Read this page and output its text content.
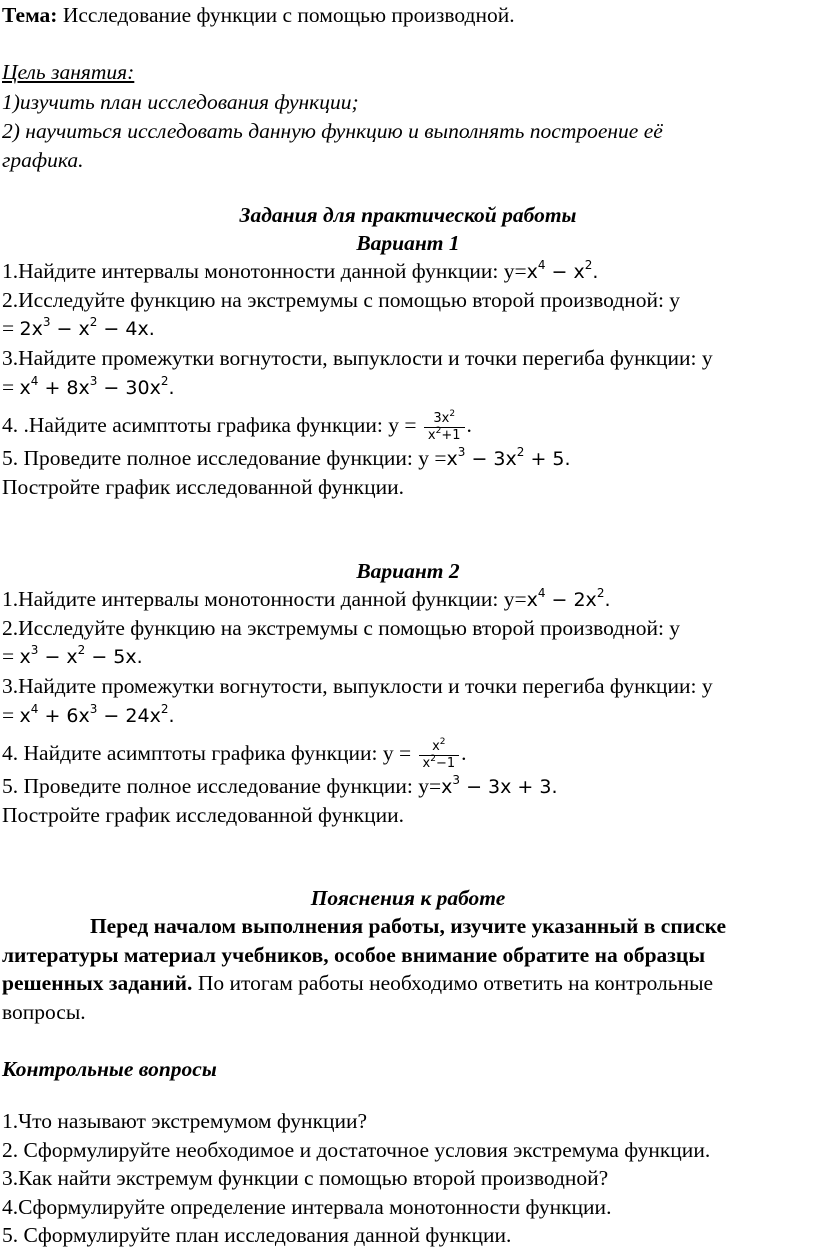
Тема: Исследование функции с помощью производной.
Цель занятия:
1)изучить план исследования функции;
2) научиться исследовать данную функцию и выполнять построение её
графика.
Задания для практической работы
Вариант 1
1.Найдите интервалы монотонности данной функции: $y=x^4 - x^2$.
2.Исследуйте функцию на экстремумы с помощью второй производной: y
= $2x^3 - x^2 - 4x$.
3.Найдите промежутки вогнутости, выпуклости и точки перегиба функции: y
= $x^4 + 8x^3 - 30x^2$.
4. .Найдите асимптоты графика функции: $y = \frac{3x^2}{x^2+1}$ .
5. Проведите полное исследование функции: $y =x^3 - 3x^2 + 5$.
Постройте график исследованной функции.
Вариант 2
1.Найдите интервалы монотонности данной функции: $y=x^4 - 2x^2$.
2.Исследуйте функцию на экстремумы с помощью второй производной: y
= $x^3 - x^2 - 5x$.
3.Найдите промежутки вогнутости, выпуклости и точки перегиба функции: y
= $x^4 + 6x^3 - 24x^2$.
4. Найдите асимптоты графика функции: $y = \frac{x^2}{x^2-1}$ .
5. Проведите полное исследование функции: $y=x^3 - 3x + 3$.
Постройте график исследованной функции.
Пояснения к работе
Перед началом выполнения работы, изучите указанный в списке
литературы материал учебников, особое внимание обратите на образцы
решенных заданий. По итогам работы необходимо ответить на контрольные
вопросы.
Контрольные вопросы
1.Что называют экстремумом функции?
2. Сформулируйте необходимое и достаточное условия экстремума функции.
3.Как найти экстремум функции с помощью второй производной?
4.Сформулируйте определение интервала монотонности функции.
5. Сформулируйте план исследования данной функции.
